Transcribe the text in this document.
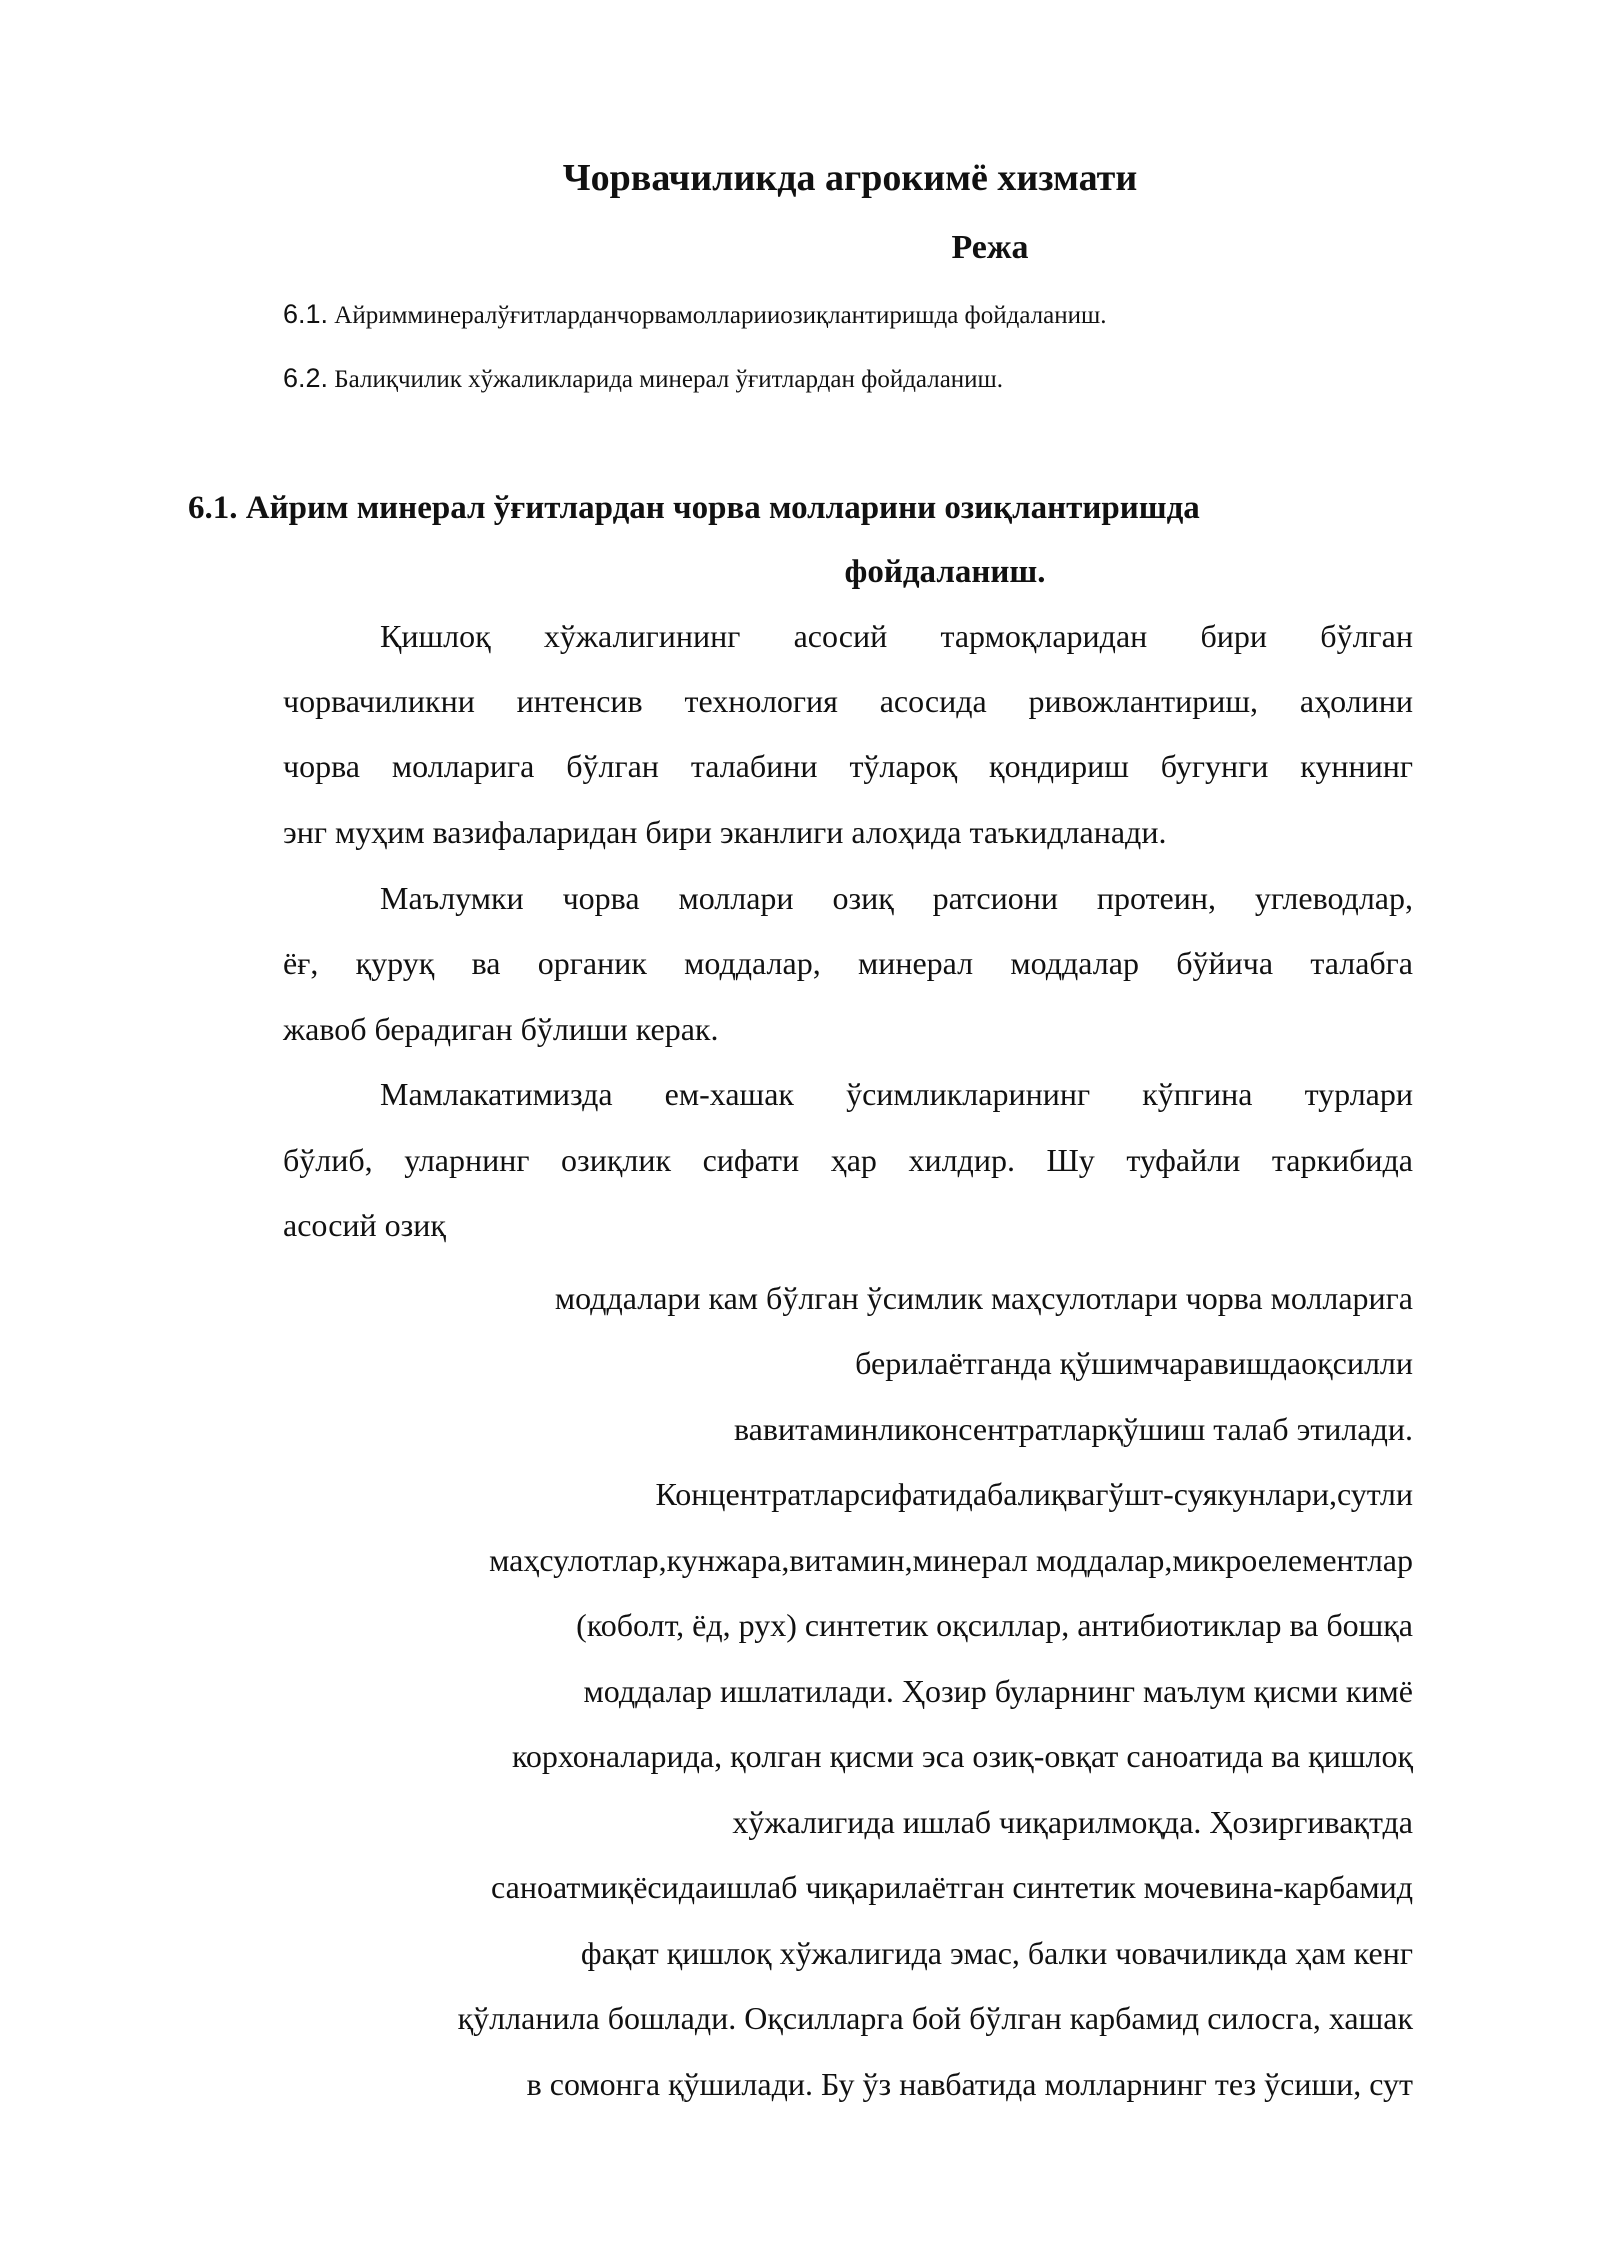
Чорвачиликда агрокимё хизмати
Режа
6.1. Айримминералўғитларданчорвамолларииозиқлантиришда фойдаланиш.
6.2. Балиқчилик хўжаликларида минерал ўғитлардан фойдаланиш.
6.1. Айрим минерал ўғитлардан чорва молларини озиқлантиришда
фойдаланиш.
Қишлоқ хўжалигининг асосий тармоқларидан бири бўлган
чорвачиликни интенсив технология асосида ривожлантириш, аҳолини
чорва молларига бўлган талабини тўлароқ қондириш бугунги куннинг
энг муҳим вазифаларидан бири эканлиги алоҳида таъкидланади.
Маълумки чорва моллари озиқ ратсиони протеин, углеводлар,
ёғ, қуруқ ва органик моддалар, минерал моддалар бўйича талабга
жавоб берадиган бўлиши керак.
Мамлакатимизда ем-хашак ўсимликларининг кўпгина турлари
бўлиб, уларнинг озиқлик сифати ҳар хилдир. Шу туфайли таркибида
асосий озиқ
моддалари кам бўлган ўсимлик маҳсулотлари чорва молларига
берилаётганда қўшимчаравишдаоқсилли
вавитаминликонсентратларқўшиш талаб этилади.
Концентратларсифатидабалиқвагўшт-суякунлари,сутли
маҳсулотлар,кунжара,витамин,минерал моддалар,микроелементлар
(коболт, ёд, рух) синтетик оқсиллар, антибиотиклар ва бошқа
моддалар ишлатилади. Ҳозир буларнинг маълум қисми кимё
корхоналарида, қолган қисми эса озиқ-овқат саноатида ва қишлоқ
хўжалигида ишлаб чиқарилмоқда. Ҳозиргивақтда
саноатмиқёсидаишлаб чиқарилаётган синтетик мочевина-карбамид
фақат қишлоқ хўжалигида эмас, балки човачиликда ҳам кенг
қўлланила бошлади. Оқсилларга бой бўлган карбамид силосга, хашак
в сомонга қўшилади. Бу ўз навбатида молларнинг тез ўсиши, сут
